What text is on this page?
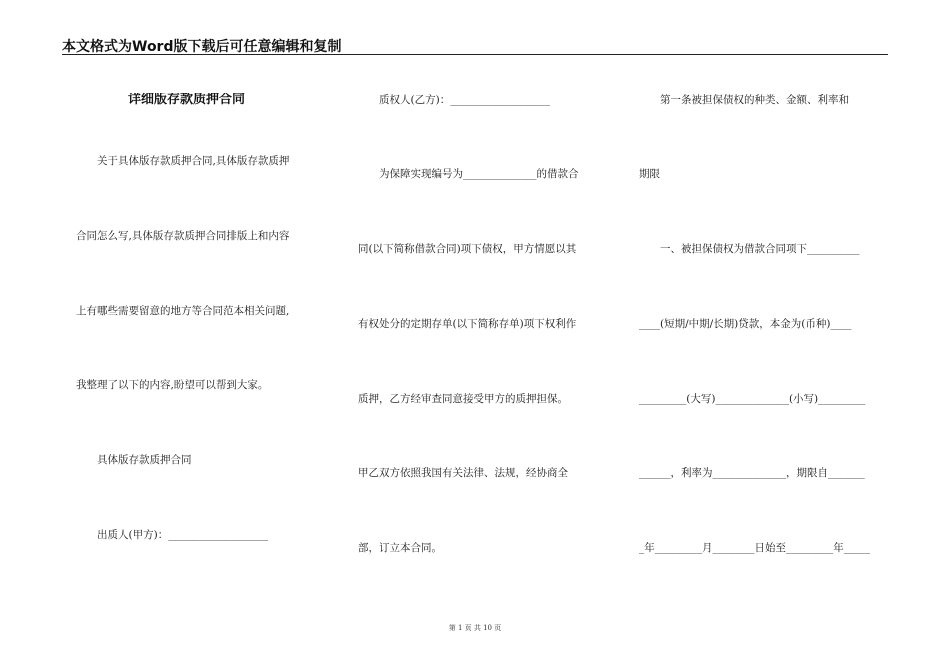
本文格式为Word版下载后可任意编辑和复制
详细版存款质押合同
　　关于具体版存款质押合同,具体版存款质押
合同怎么写,具体版存款质押合同排版上和内容
上有哪些需要留意的地方等合同范本相关问题,
我整理了以下的内容,盼望可以帮到大家。
　　具体版存款质押合同
　　出质人(甲方)：___________________
　　质权人(乙方)：___________________
　　为保障实现编号为______________的借款合
同(以下简称借款合同)项下债权，甲方情愿以其
有权处分的定期存单(以下简称存单)项下权利作
质押，乙方经审查同意接受甲方的质押担保。
甲乙双方依照我国有关法律、法规，经协商全
部，订立本合同。
　　第一条被担保债权的种类、金额、利率和
期限
　　一、被担保债权为借款合同项下__________
____(短期/中期/长期)贷款，本金为(币种)____
_________(大写)______________(小写)_________
______，利率为______________，期限自_______
_年_________月________日始至_________年_____
第 1 页 共 10 页
